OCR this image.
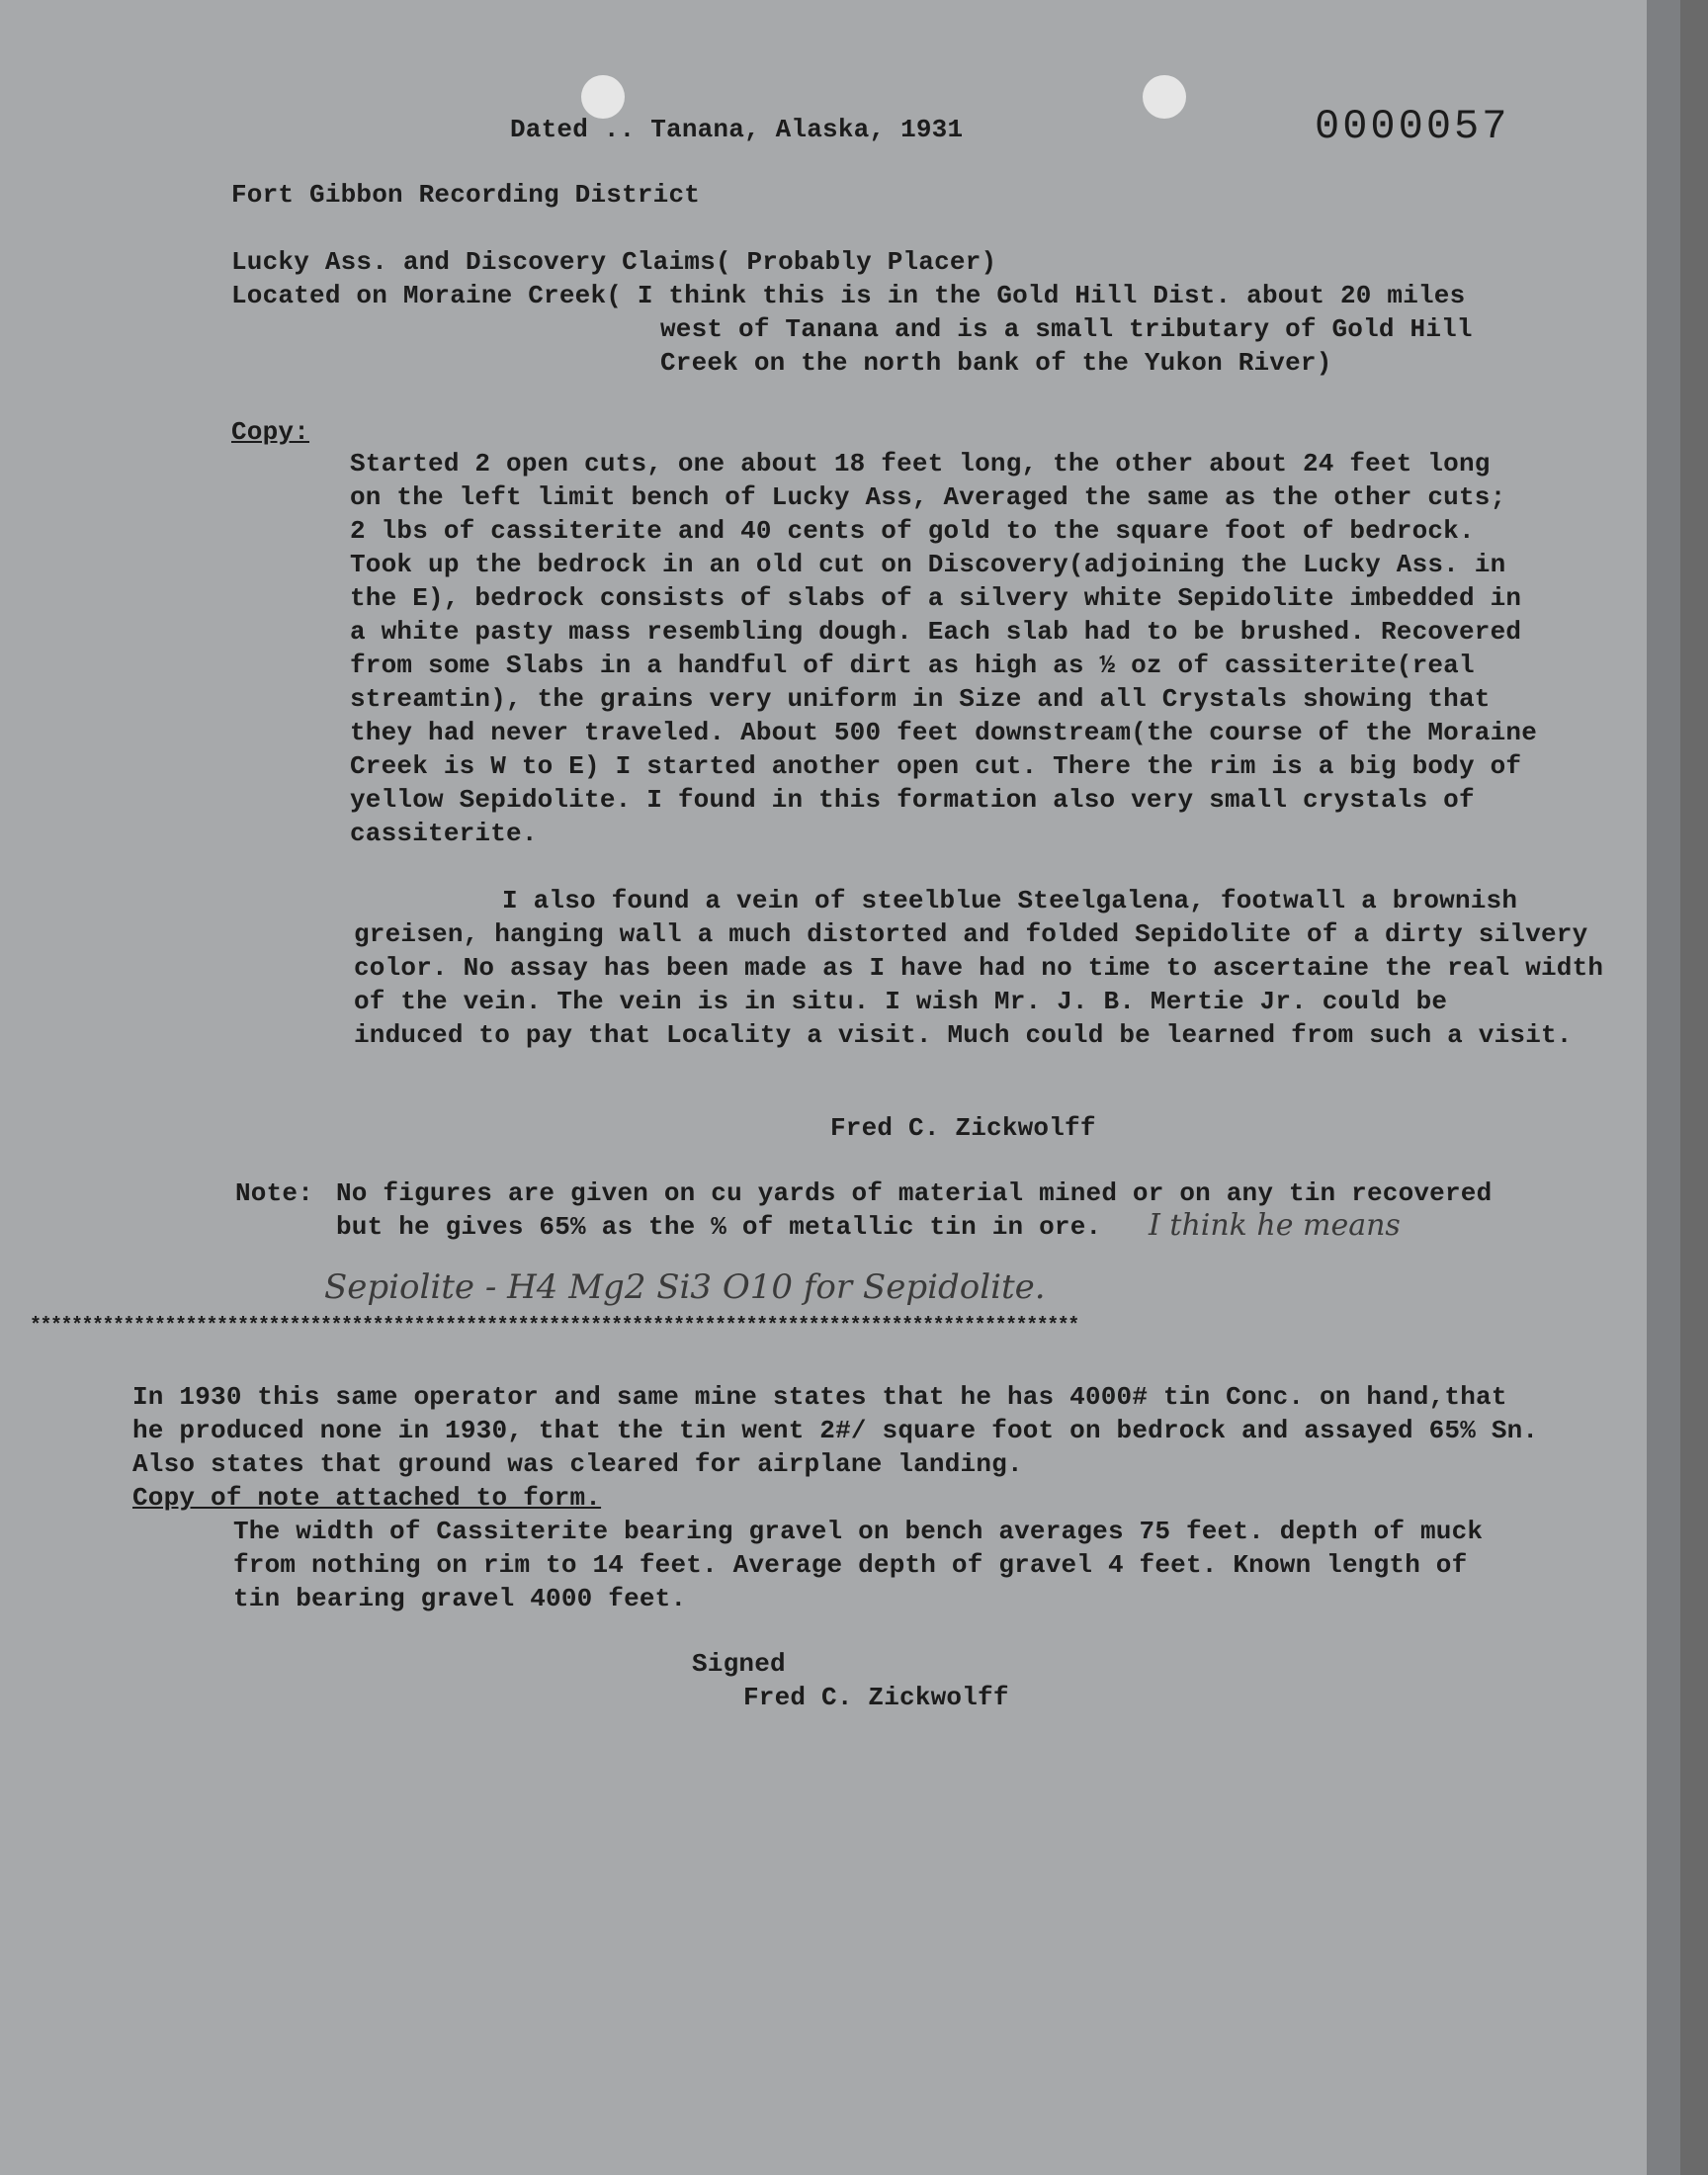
0000057
Dated .. Tanana, Alaska, 1931
Fort Gibbon Recording District
Lucky Ass. and Discovery Claims( Probably Placer)
Located on Moraine Creek( I think this is in the Gold Hill Dist. about 20 miles
west of Tanana and is a small tributary of Gold Hill
Creek on the north bank of the Yukon River)
Copy:
Started 2 open cuts, one about 18 feet long, the other about 24 feet long
on the left limit bench of Lucky Ass, Averaged the same as the other cuts;
2 lbs of cassiterite and 40 cents of gold to the square foot of bedrock.
Took up the bedrock in an old cut on Discovery(adjoining the Lucky Ass. in
the E), bedrock consists of slabs of a silvery white Sepidolite imbedded in
a white pasty mass resembling dough. Each slab had to be brushed. Recovered
from some Slabs in a handful of dirt as high as ½ oz of cassiterite(real
streamtin), the grains very uniform in Size and all Crystals showing that
they had never traveled. About 500 feet downstream(the course of the Moraine
Creek is W to E) I started another open cut. There the rim is a big body of
yellow Sepidolite. I found in this formation also very small crystals of
cassiterite.
I also found a vein of steelblue Steelgalena, footwall a brownish
greisen, hanging wall a much distorted and folded Sepidolite of a dirty silvery
color. No assay has been made as I have had no time to ascertaine the real width
of the vein. The vein is in situ. I wish Mr. J. B. Mertie Jr. could be
induced to pay that Locality a visit. Much could be learned from such a visit.
Fred C. Zickwolff
Note: No figures are given on cu yards of material mined or on any tin recovered
but he gives 65% as the % of metallic tin in ore. I think he means
Sepiolite - H4 Mg2 Si3 O10 for Sepidolite.
*****************************************************************************************************
In 1930 this same operator and same mine states that he has 4000# tin Conc. on hand,that
he produced none in 1930, that the tin went 2#/ square foot on bedrock and assayed 65% Sn.
Also states that ground was cleared for airplane landing.
Copy of note attached to form.
The width of Cassiterite bearing gravel on bench averages 75 feet. depth of muck
from nothing on rim to 14 feet. Average depth of gravel 4 feet. Known length of
tin bearing gravel 4000 feet.
Signed
Fred C. Zickwolff
